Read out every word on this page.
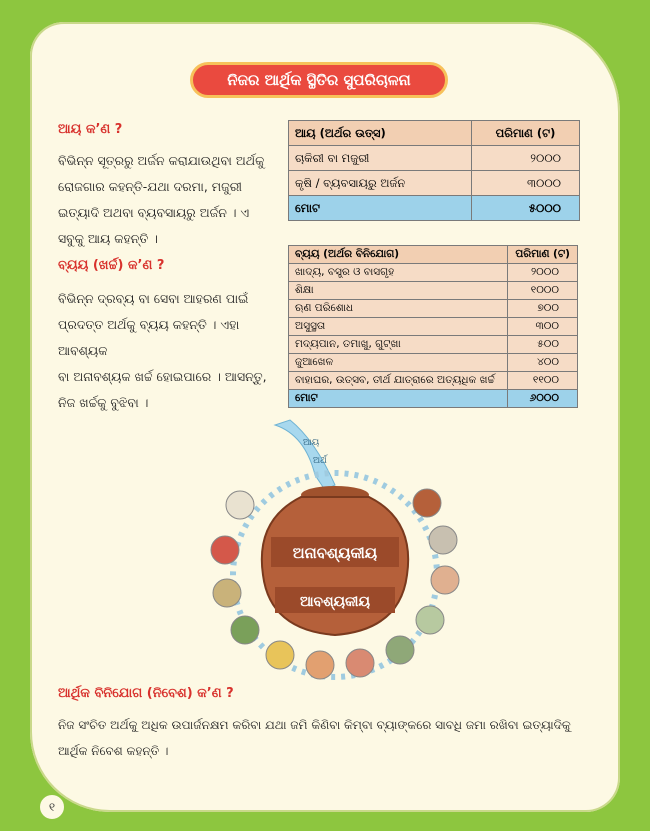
ନିଜର ଆର୍ଥିକ ସ୍ଥିତିର ସୁପରିଚାଳନା
ଆୟ କ’ଣ ?
ବିଭିନ୍ନ ସୂତ୍ରରୁ ଅର୍ଜନ କରାଯାଉଥିବା ଅର୍ଥକୁ
ରୋଜଗାର କହନ୍ତି-ଯଥା ଦରମା, ମଜୁରୀ
ଇତ୍ୟାଦି ଅଥବା ବ୍ୟବସାୟରୁ ଅର୍ଜନ । ଏ
ସବୁକୁ ଆୟ କହନ୍ତି ।
ବ୍ୟୟ (ଖର୍ଚ୍ଚ) କ’ଣ ?
ବିଭିନ୍ନ ଦ୍ରବ୍ୟ ବା ସେବା ଆହରଣ ପାଇଁ
ପ୍ରଦତ୍ତ ଅର୍ଥକୁ ବ୍ୟୟ କହନ୍ତି । ଏହା ଆବଶ୍ୟକ
ବା ଅନାବଶ୍ୟକ ଖର୍ଚ୍ଚ ହୋଇପାରେ । ଆସନ୍ତୁ,
ନିଜ ଖର୍ଚ୍ଚକୁ ବୁଝିବା ।
ଆୟ (ଅର୍ଥର ଉତ୍ସ)	ପରିମାଣ (ଟ)
ଚାକିରୀ ବା ମଜୁରୀ	୨୦୦୦
କୃଷି / ବ୍ୟବସାୟରୁ ଅର୍ଜନ	୩୦୦୦
ମୋଟ	୫୦୦୦
ବ୍ୟୟ (ଅର୍ଥର ବିନିଯୋଗ)	ପରିମାଣ (ଟ)
ଖାଦ୍ୟ, ବସ୍ତ୍ର ଓ ବାସଗୃହ	୨୦୦୦
ଶିକ୍ଷା	୧୦୦୦
ଋଣ ପରିଶୋଧ	୭୦୦
ଅସୁସ୍ଥତା	୩୦୦
ମଦ୍ୟପାନ, ତମାଖୁ, ଗୁଟ୍‌ଖା	୫୦୦
ଜୁଆଖେଳ	୪୦୦
ବାହାଘର, ଉତ୍ସବ, ତୀର୍ଥ ଯାତ୍ରାରେ ଅତ୍ୟଧିକ ଖର୍ଚ୍ଚ	୧୧୦୦
ମୋଟ	୬୦୦୦
ଆୟ
ଅର୍ଥ
ଅନାବଶ୍ୟକୀୟ
ଆବଶ୍ୟକୀୟ
ଆର୍ଥିକ ବିନିଯୋଗ (ନିବେଶ) କ’ଣ ?
ନିଜ ସଂଚିତ ଅର୍ଥକୁ ଅଧିକ ଉପାର୍ଜନକ୍ଷମ କରିବା ଯଥା ଜମି କିଣିବା କିମ୍ବା ବ୍ୟାଙ୍କରେ ସାବଧି ଜମା ରଖିବା ଇତ୍ୟାଦିକୁ
ଆର୍ଥିକ ନିବେଶ କହନ୍ତି ।
୧
